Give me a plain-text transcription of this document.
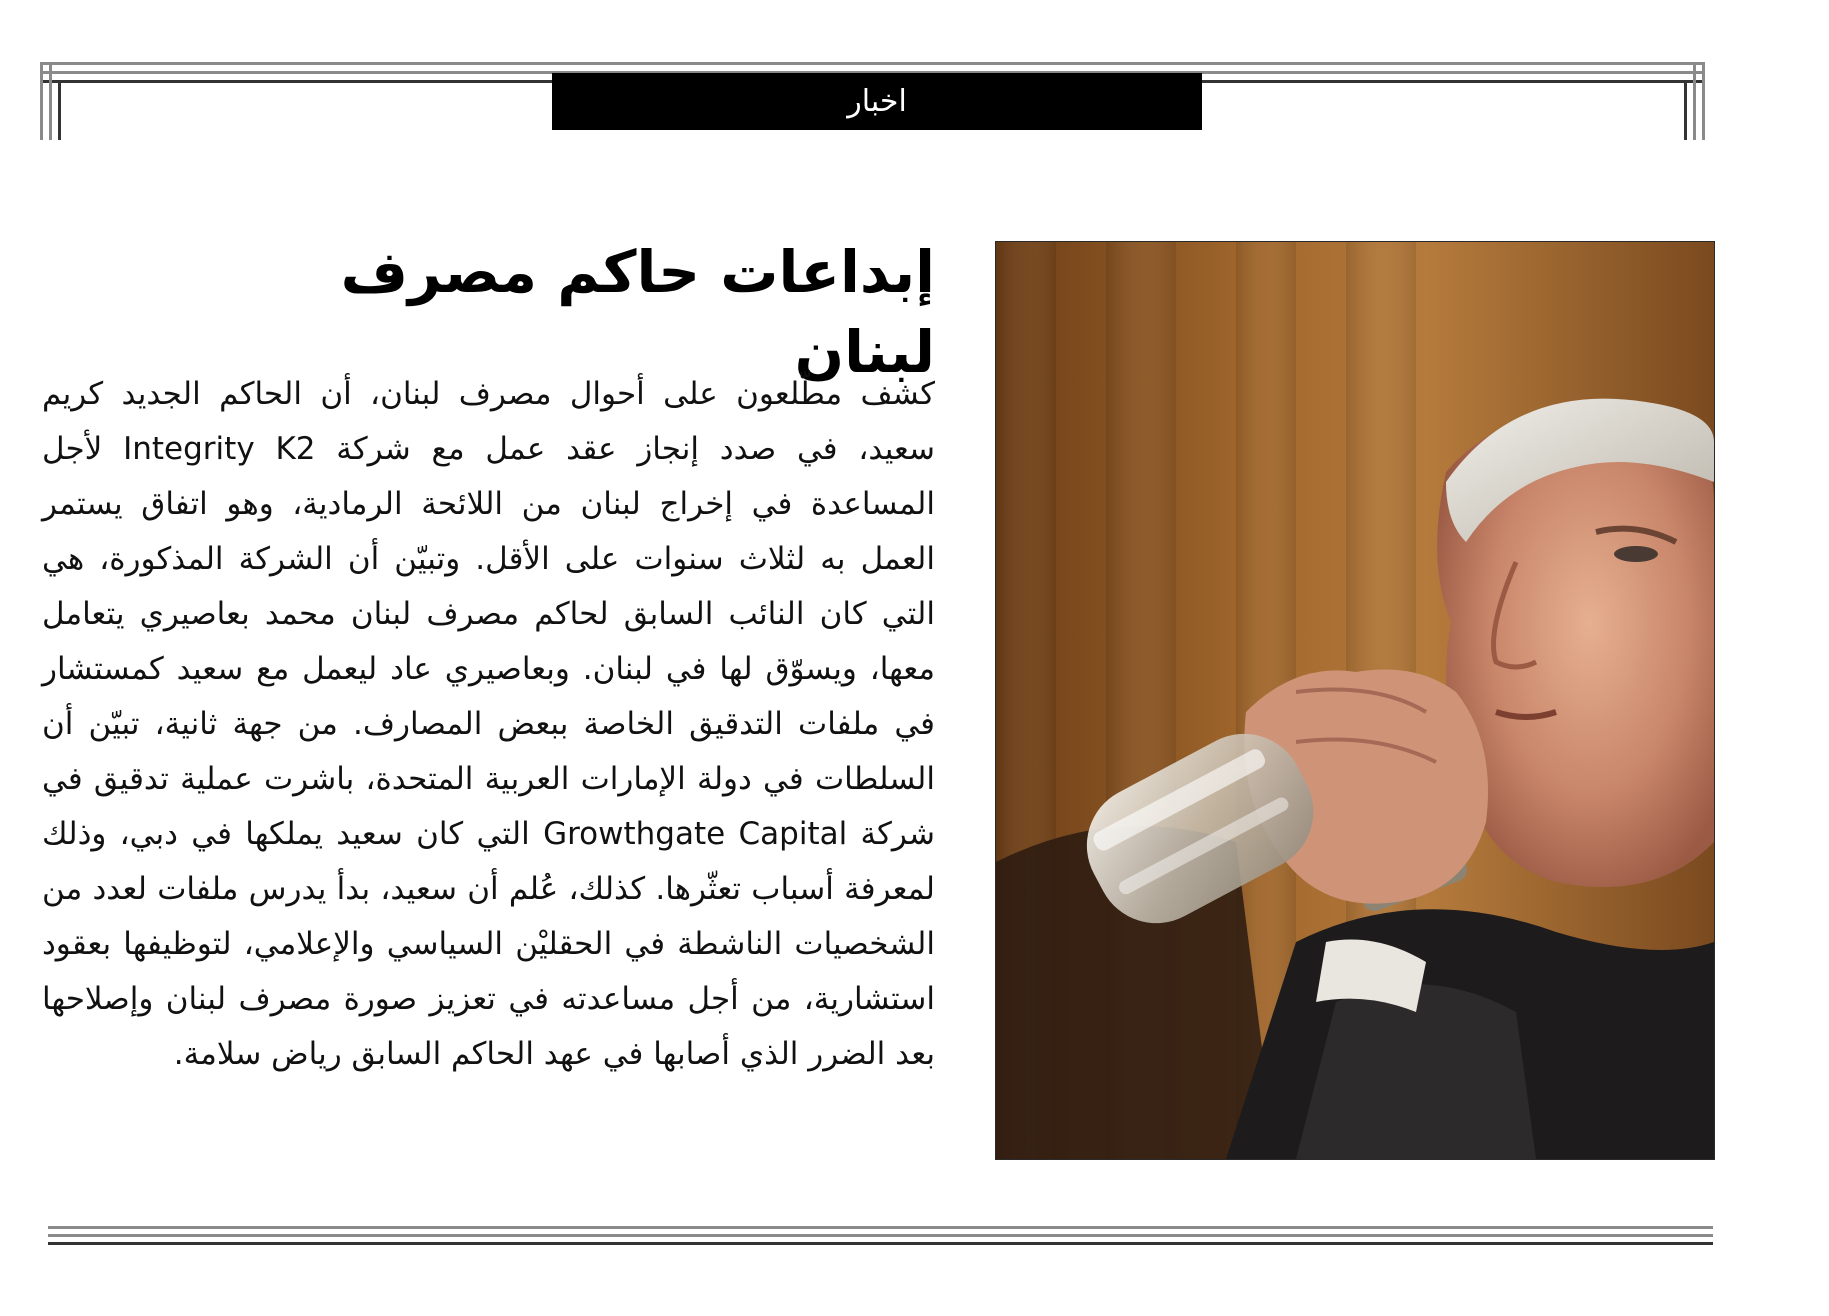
اخبار
إبداعات حاكم مصرف لبنان

كشف مطّلعون على أحوال مصرف لبنان، أن الحاكم الجديد كريم سعيد، في صدد إنجاز عقد عمل مع شركة Integrity K2 لأجل المساعدة في إخراج لبنان من اللائحة الرمادية، وهو اتفاق يستمر العمل به لثلاث سنوات على الأقل. وتبيّن أن الشركة المذكورة، هي التي كان النائب السابق لحاكم مصرف لبنان محمد بعاصيري يتعامل معها، ويسوّق لها في لبنان. وبعاصيري عاد ليعمل مع سعيد كمستشار في ملفات التدقيق الخاصة ببعض المصارف. من جهة ثانية، تبيّن أن السلطات في دولة الإمارات العربية المتحدة، باشرت عملية تدقيق في شركة Growthgate Capital التي كان سعيد يملكها في دبي، وذلك لمعرفة أسباب تعثّرها. كذلك، عُلم أن سعيد، بدأ يدرس ملفات لعدد من الشخصيات الناشطة في الحقليْن السياسي والإعلامي، لتوظيفها بعقود استشارية، من أجل مساعدته في تعزيز صورة مصرف لبنان وإصلاحها بعد الضرر الذي أصابها في عهد الحاكم السابق رياض سلامة.
